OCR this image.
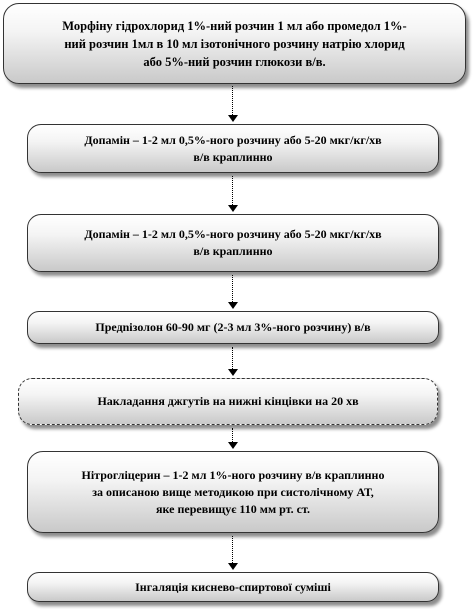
Морфіну гідрохлорид 1%-ний розчин 1 мл або промедол 1%-
ний розчин 1мл в 10 мл ізотонічного розчину натрію хлорид
або 5%-ний розчин глюкози в/в.
Допамін – 1-2 мл 0,5%-ного розчину або 5-20 мкг/кг/хв
в/в краплинно
Допамін – 1-2 мл 0,5%-ного розчину або 5-20 мкг/кг/хв
в/в краплинно
Предnізолон 60-90 мг (2-3 мл 3%-ного розчину) в/в
Накладання джгутів на нижні кінцівки на 20 хв
Нітрогліцерин – 1-2 мл 1%-ного розчину в/в краплинно
за описаною вище методикою при систолічному АТ,
яке перевищує 110 мм рт. ст.
Інгаляція киснево-спиртової суміші
